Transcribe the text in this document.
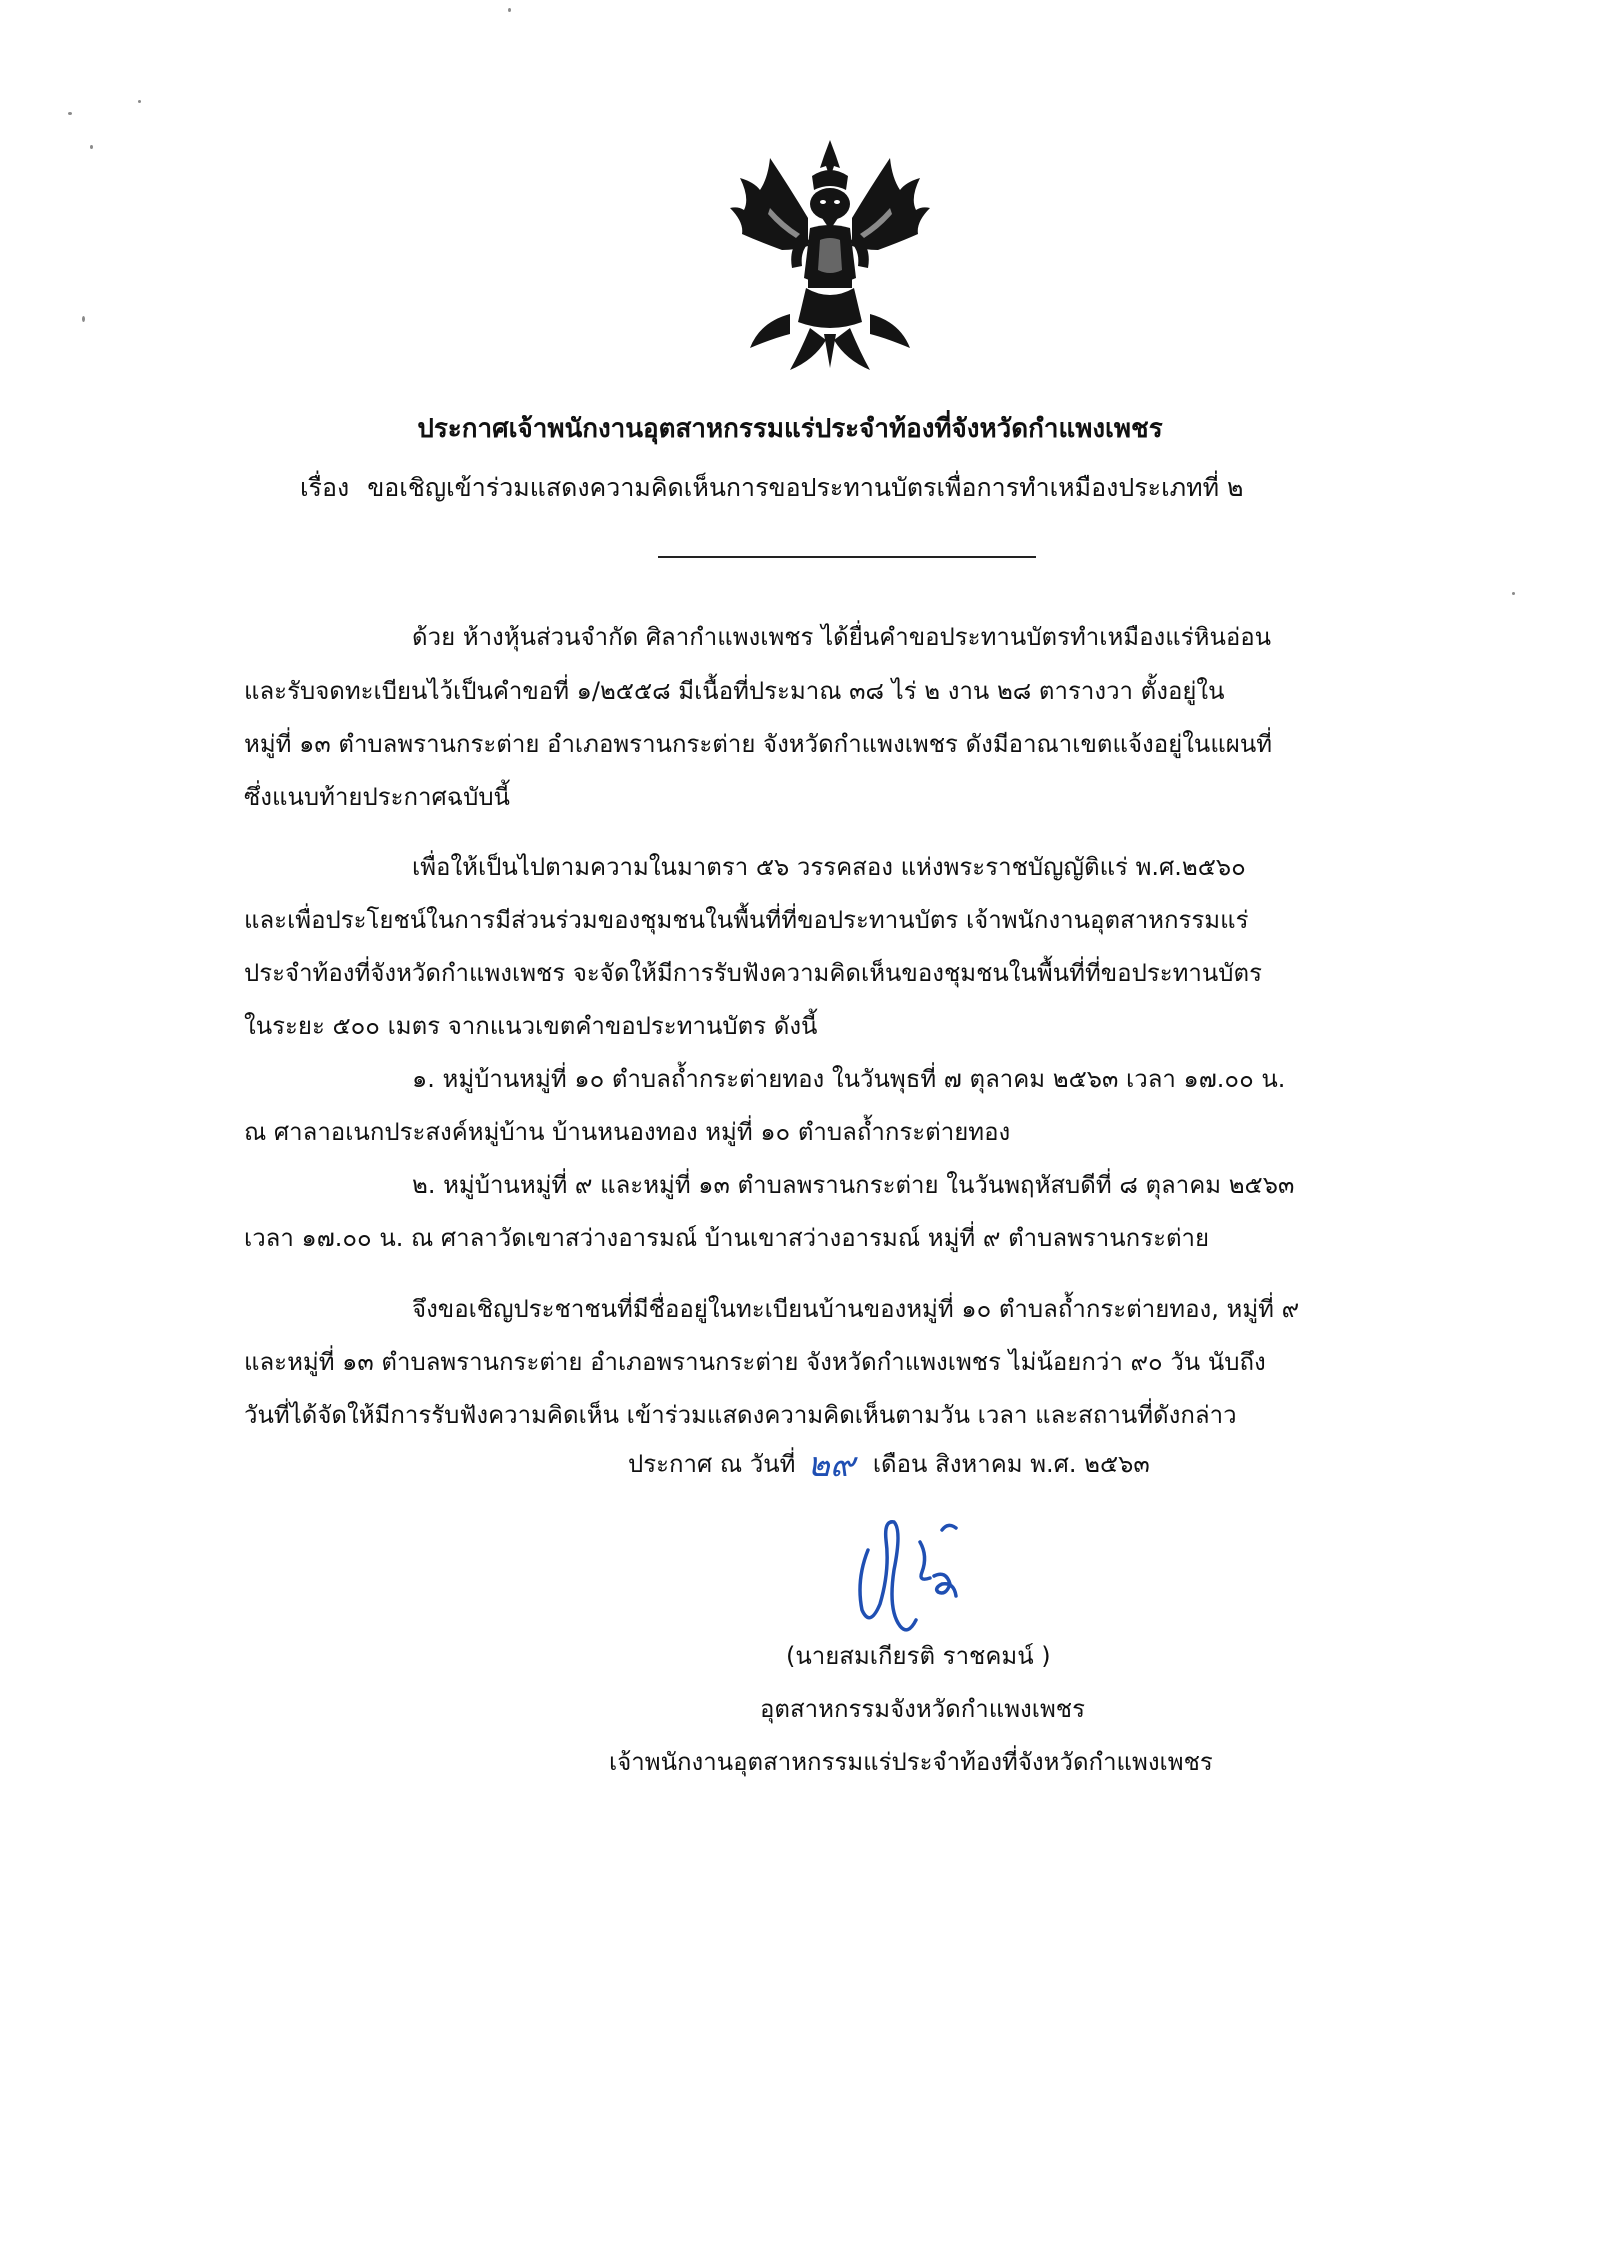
ประกาศเจ้าพนักงานอุตสาหกรรมแร่ประจำท้องที่จังหวัดกำแพงเพชร
เรื่อง ขอเชิญเข้าร่วมแสดงความคิดเห็นการขอประทานบัตรเพื่อการทำเหมืองประเภทที่ ๒
ด้วย ห้างหุ้นส่วนจำกัด ศิลากำแพงเพชร ได้ยื่นคำขอประทานบัตรทำเหมืองแร่หินอ่อน
และรับจดทะเบียนไว้เป็นคำขอที่ ๑/๒๕๕๘ มีเนื้อที่ประมาณ ๓๘ ไร่ ๒ งาน ๒๘ ตารางวา ตั้งอยู่ใน
หมู่ที่ ๑๓ ตำบลพรานกระต่าย อำเภอพรานกระต่าย จังหวัดกำแพงเพชร ดังมีอาณาเขตแจ้งอยู่ในแผนที่
ซึ่งแนบท้ายประกาศฉบับนี้
เพื่อให้เป็นไปตามความในมาตรา ๕๖ วรรคสอง แห่งพระราชบัญญัติแร่ พ.ศ.๒๕๖๐
และเพื่อประโยชน์ในการมีส่วนร่วมของชุมชนในพื้นที่ที่ขอประทานบัตร เจ้าพนักงานอุตสาหกรรมแร่
ประจำท้องที่จังหวัดกำแพงเพชร จะจัดให้มีการรับฟังความคิดเห็นของชุมชนในพื้นที่ที่ขอประทานบัตร
ในระยะ ๕๐๐ เมตร จากแนวเขตคำขอประทานบัตร ดังนี้
๑. หมู่บ้านหมู่ที่ ๑๐ ตำบลถ้ำกระต่ายทอง ในวันพุธที่ ๗ ตุลาคม ๒๕๖๓ เวลา ๑๗.๐๐ น.
ณ ศาลาอเนกประสงค์หมู่บ้าน บ้านหนองทอง หมู่ที่ ๑๐ ตำบลถ้ำกระต่ายทอง
๒. หมู่บ้านหมู่ที่ ๙ และหมู่ที่ ๑๓ ตำบลพรานกระต่าย ในวันพฤหัสบดีที่ ๘ ตุลาคม ๒๕๖๓
เวลา ๑๗.๐๐ น. ณ ศาลาวัดเขาสว่างอารมณ์ บ้านเขาสว่างอารมณ์ หมู่ที่ ๙ ตำบลพรานกระต่าย
จึงขอเชิญประชาชนที่มีชื่ออยู่ในทะเบียนบ้านของหมู่ที่ ๑๐ ตำบลถ้ำกระต่ายทอง, หมู่ที่ ๙
และหมู่ที่ ๑๓ ตำบลพรานกระต่าย อำเภอพรานกระต่าย จังหวัดกำแพงเพชร ไม่น้อยกว่า ๙๐ วัน นับถึง
วันที่ได้จัดให้มีการรับฟังความคิดเห็น เข้าร่วมแสดงความคิดเห็นตามวัน เวลา และสถานที่ดังกล่าว
ประกาศ ณ วันที่ ๒๙ เดือน สิงหาคม พ.ศ. ๒๕๖๓
(นายสมเกียรติ ราชคมน์ )
อุตสาหกรรมจังหวัดกำแพงเพชร
เจ้าพนักงานอุตสาหกรรมแร่ประจำท้องที่จังหวัดกำแพงเพชร
